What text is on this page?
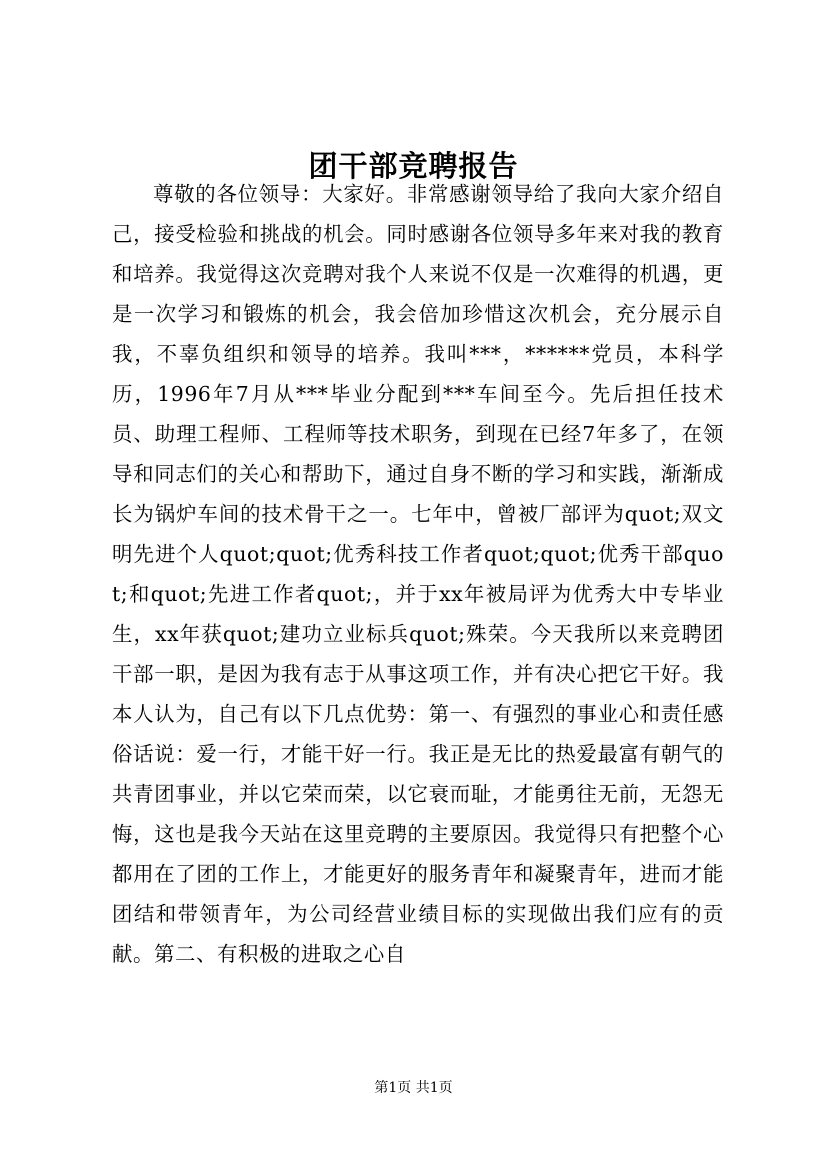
团干部竞聘报告

尊敬的各位领导：大家好。非常感谢领导给了我向大家介绍自己，接受检验和挑战的机会。同时感谢各位领导多年来对我的教育和培养。我觉得这次竞聘对我个人来说不仅是一次难得的机遇，更是一次学习和锻炼的机会，我会倍加珍惜这次机会，充分展示自我，不辜负组织和领导的培养。我叫***，******党员，本科学历，1996年7月从***毕业分配到***车间至今。先后担任技术员、助理工程师、工程师等技术职务，到现在已经7年多了，在领导和同志们的关心和帮助下，通过自身不断的学习和实践，渐渐成长为锅炉车间的技术骨干之一。七年中，曾被厂部评为quot;双文明先进个人quot;quot;优秀科技工作者quot;quot;优秀干部quot;和quot;先进工作者quot;，并于xx年被局评为优秀大中专毕业生，xx年获quot;建功立业标兵quot;殊荣。今天我所以来竞聘团干部一职，是因为我有志于从事这项工作，并有决心把它干好。我本人认为，自己有以下几点优势：第一、有强烈的事业心和责任感俗话说：爱一行，才能干好一行。我正是无比的热爱最富有朝气的共青团事业，并以它荣而荣，以它衰而耻，才能勇往无前，无怨无悔，这也是我今天站在这里竞聘的主要原因。我觉得只有把整个心都用在了团的工作上，才能更好的服务青年和凝聚青年，进而才能团结和带领青年，为公司经营业绩目标的实现做出我们应有的贡献。第二、有积极的进取之心自

第1页 共1页
